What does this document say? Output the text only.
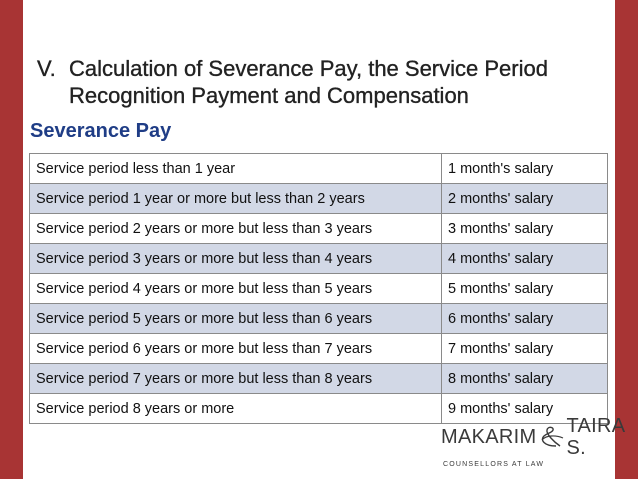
V. Calculation of Severance Pay, the Service Period
Recognition Payment and Compensation
Severance Pay
Service period less than 1 year	1 month's salary
Service period 1 year or more but less than 2 years	2 months' salary
Service period 2 years or more but less than 3 years	3 months' salary
Service period 3 years or more but less than 4 years	4 months' salary
Service period 4 years or more but less than 5 years	5 months' salary
Service period 5 years or more but less than 6 years	6 months' salary
Service period 6 years or more but less than 7 years	7 months' salary
Service period 7 years or more but less than 8 years	8 months' salary
Service period 8 years or more	9 months' salary
MAKARIM TAIRA S.
COUNSELLORS AT LAW
